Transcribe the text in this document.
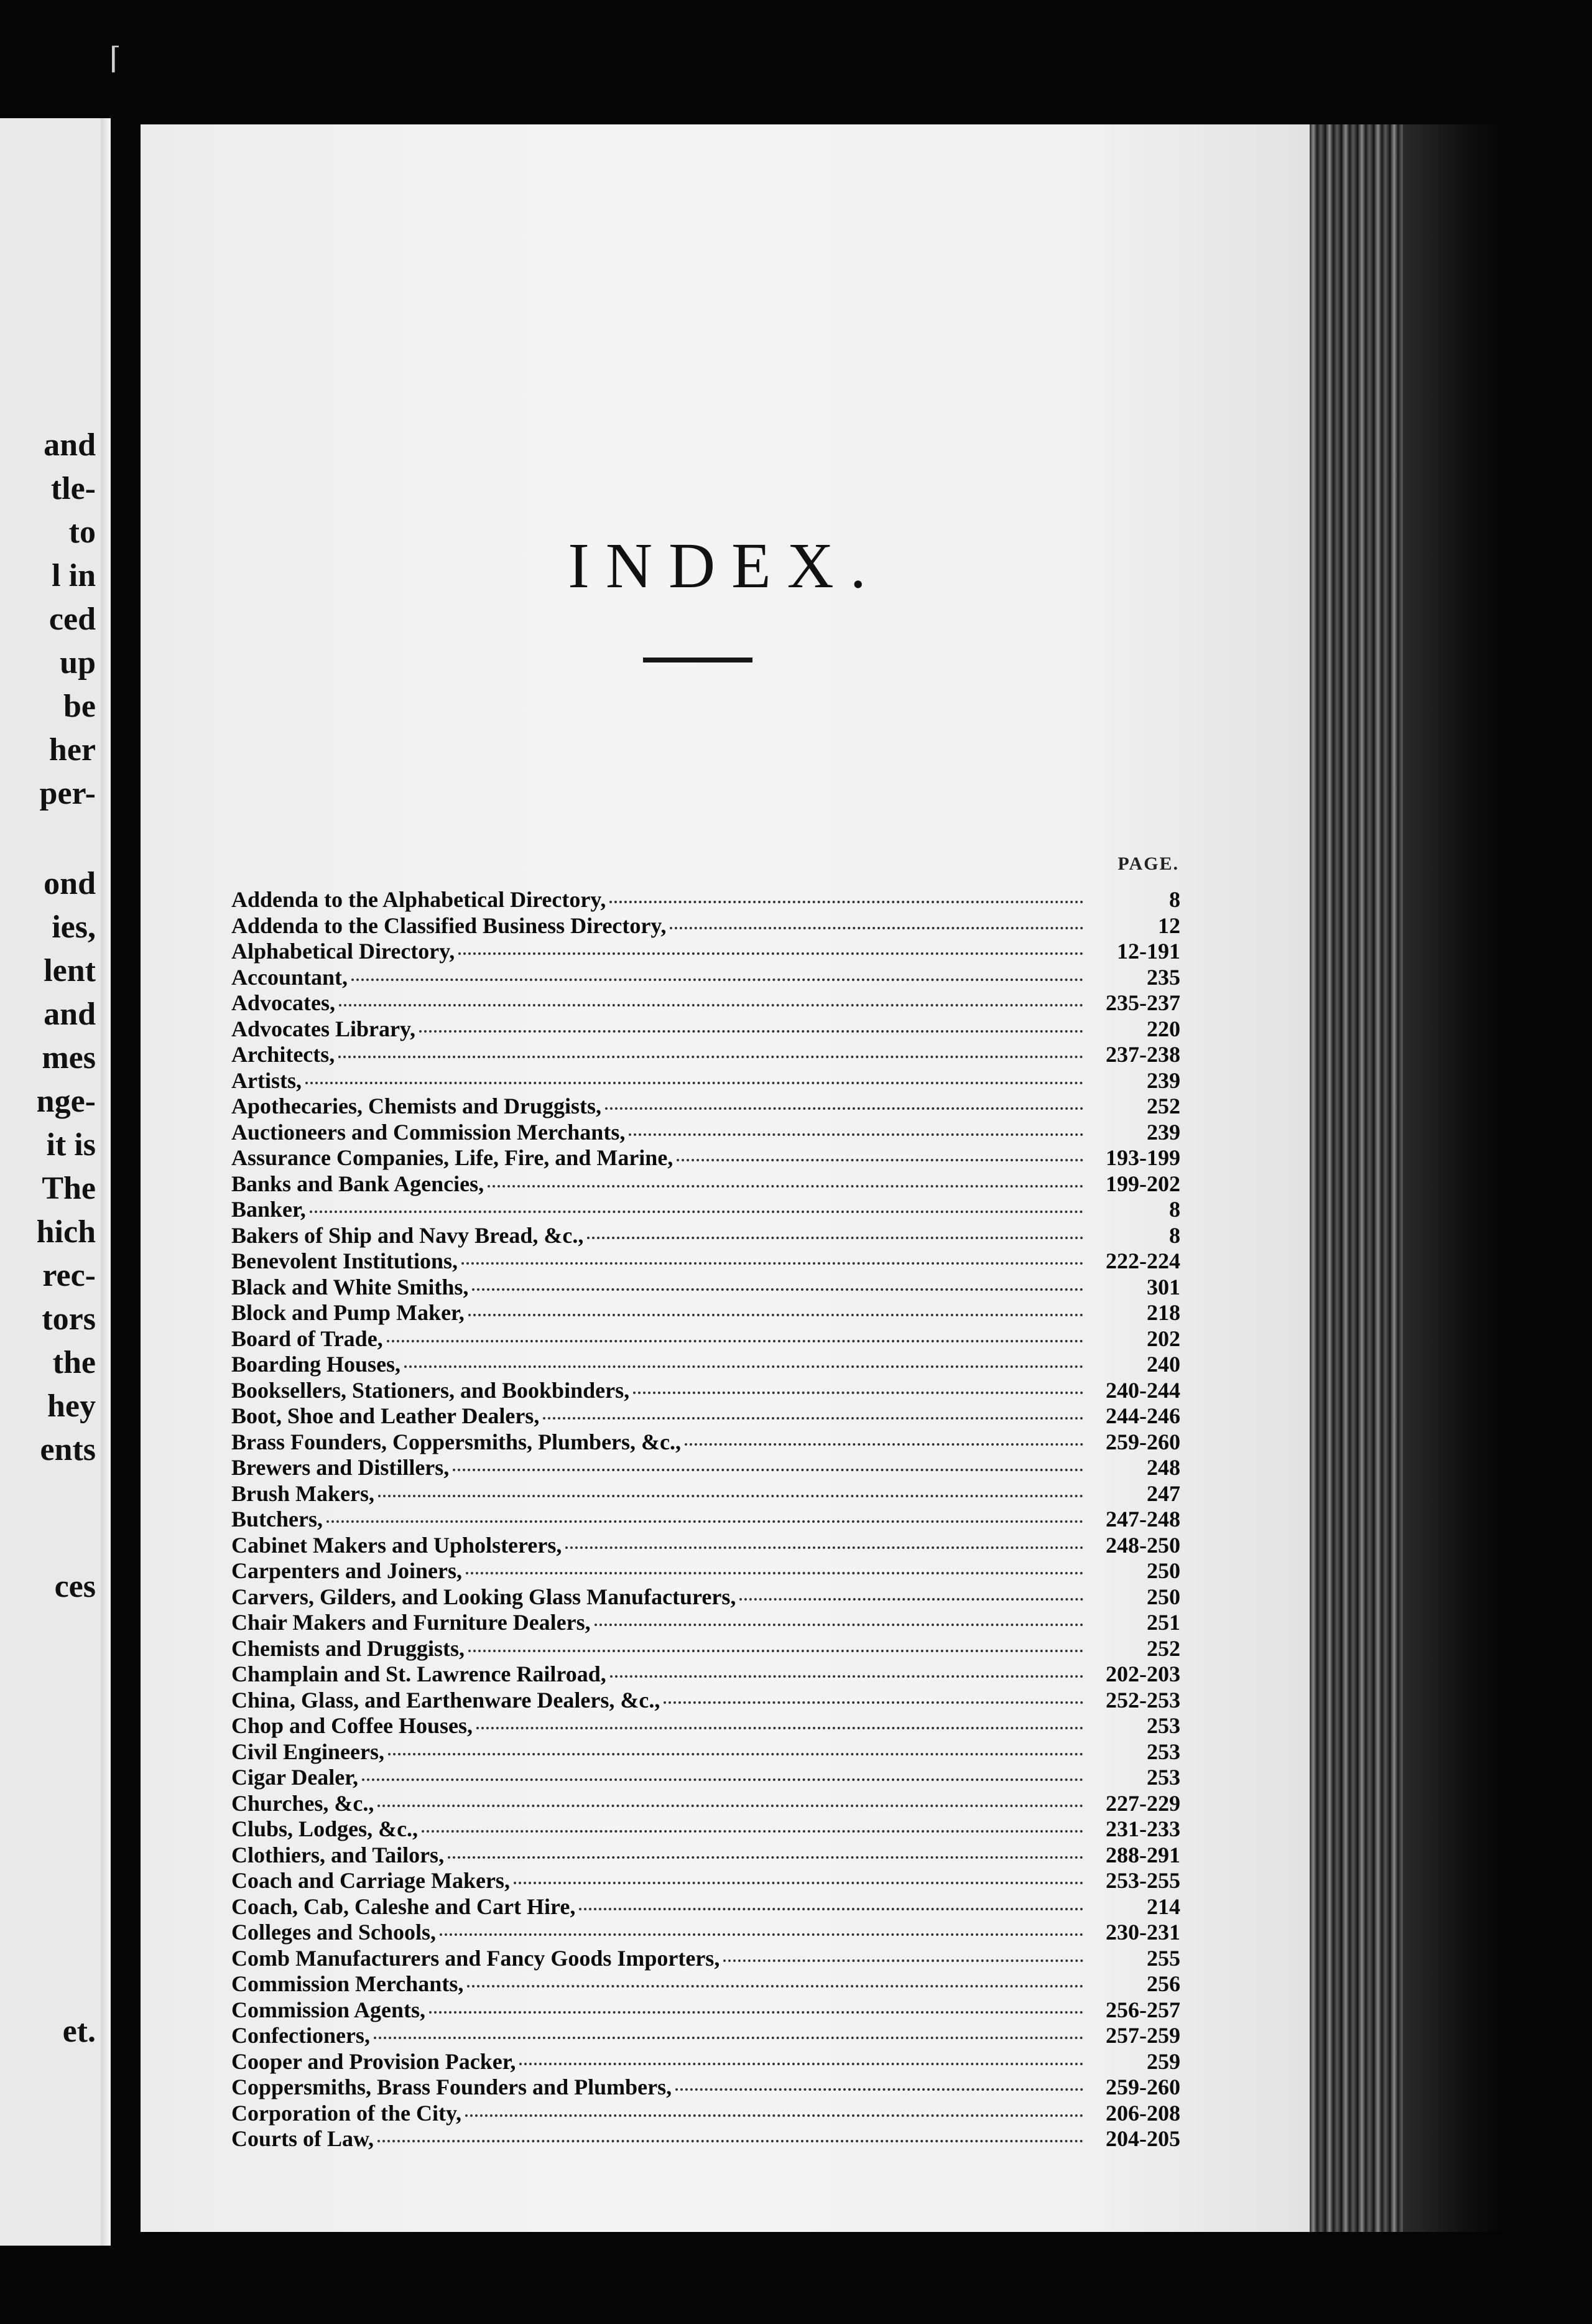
⌈
and
tle-
to
l in
ced
up
be
her
per-
ond
ies,
lent
and
mes
nge-
it is
The
hich
rec-
tors
the
hey
ents
ces
et.
INDEX.
PAGE.
Addenda to the Alphabetical Directory,	8
Addenda to the Classified Business Directory,	12
Alphabetical Directory,	12-191
Accountant,	235
Advocates,	235-237
Advocates Library,	220
Architects,	237-238
Artists,	239
Apothecaries, Chemists and Druggists,	252
Auctioneers and Commission Merchants,	239
Assurance Companies, Life, Fire, and Marine,	193-199
Banks and Bank Agencies,	199-202
Banker,	8
Bakers of Ship and Navy Bread, &c.,	8
Benevolent Institutions,	222-224
Black and White Smiths,	301
Block and Pump Maker,	218
Board of Trade,	202
Boarding Houses,	240
Booksellers, Stationers, and Bookbinders,	240-244
Boot, Shoe and Leather Dealers,	244-246
Brass Founders, Coppersmiths, Plumbers, &c.,	259-260
Brewers and Distillers,	248
Brush Makers,	247
Butchers,	247-248
Cabinet Makers and Upholsterers,	248-250
Carpenters and Joiners,	250
Carvers, Gilders, and Looking Glass Manufacturers,	250
Chair Makers and Furniture Dealers,	251
Chemists and Druggists,	252
Champlain and St. Lawrence Railroad,	202-203
China, Glass, and Earthenware Dealers, &c.,	252-253
Chop and Coffee Houses,	253
Civil Engineers,	253
Cigar Dealer,	253
Churches, &c.,	227-229
Clubs, Lodges, &c.,	231-233
Clothiers, and Tailors,	288-291
Coach and Carriage Makers,	253-255
Coach, Cab, Caleshe and Cart Hire,	214
Colleges and Schools,	230-231
Comb Manufacturers and Fancy Goods Importers,	255
Commission Merchants,	256
Commission Agents,	256-257
Confectioners,	257-259
Cooper and Provision Packer,	259
Coppersmiths, Brass Founders and Plumbers,	259-260
Corporation of the City,	206-208
Courts of Law,	204-205
